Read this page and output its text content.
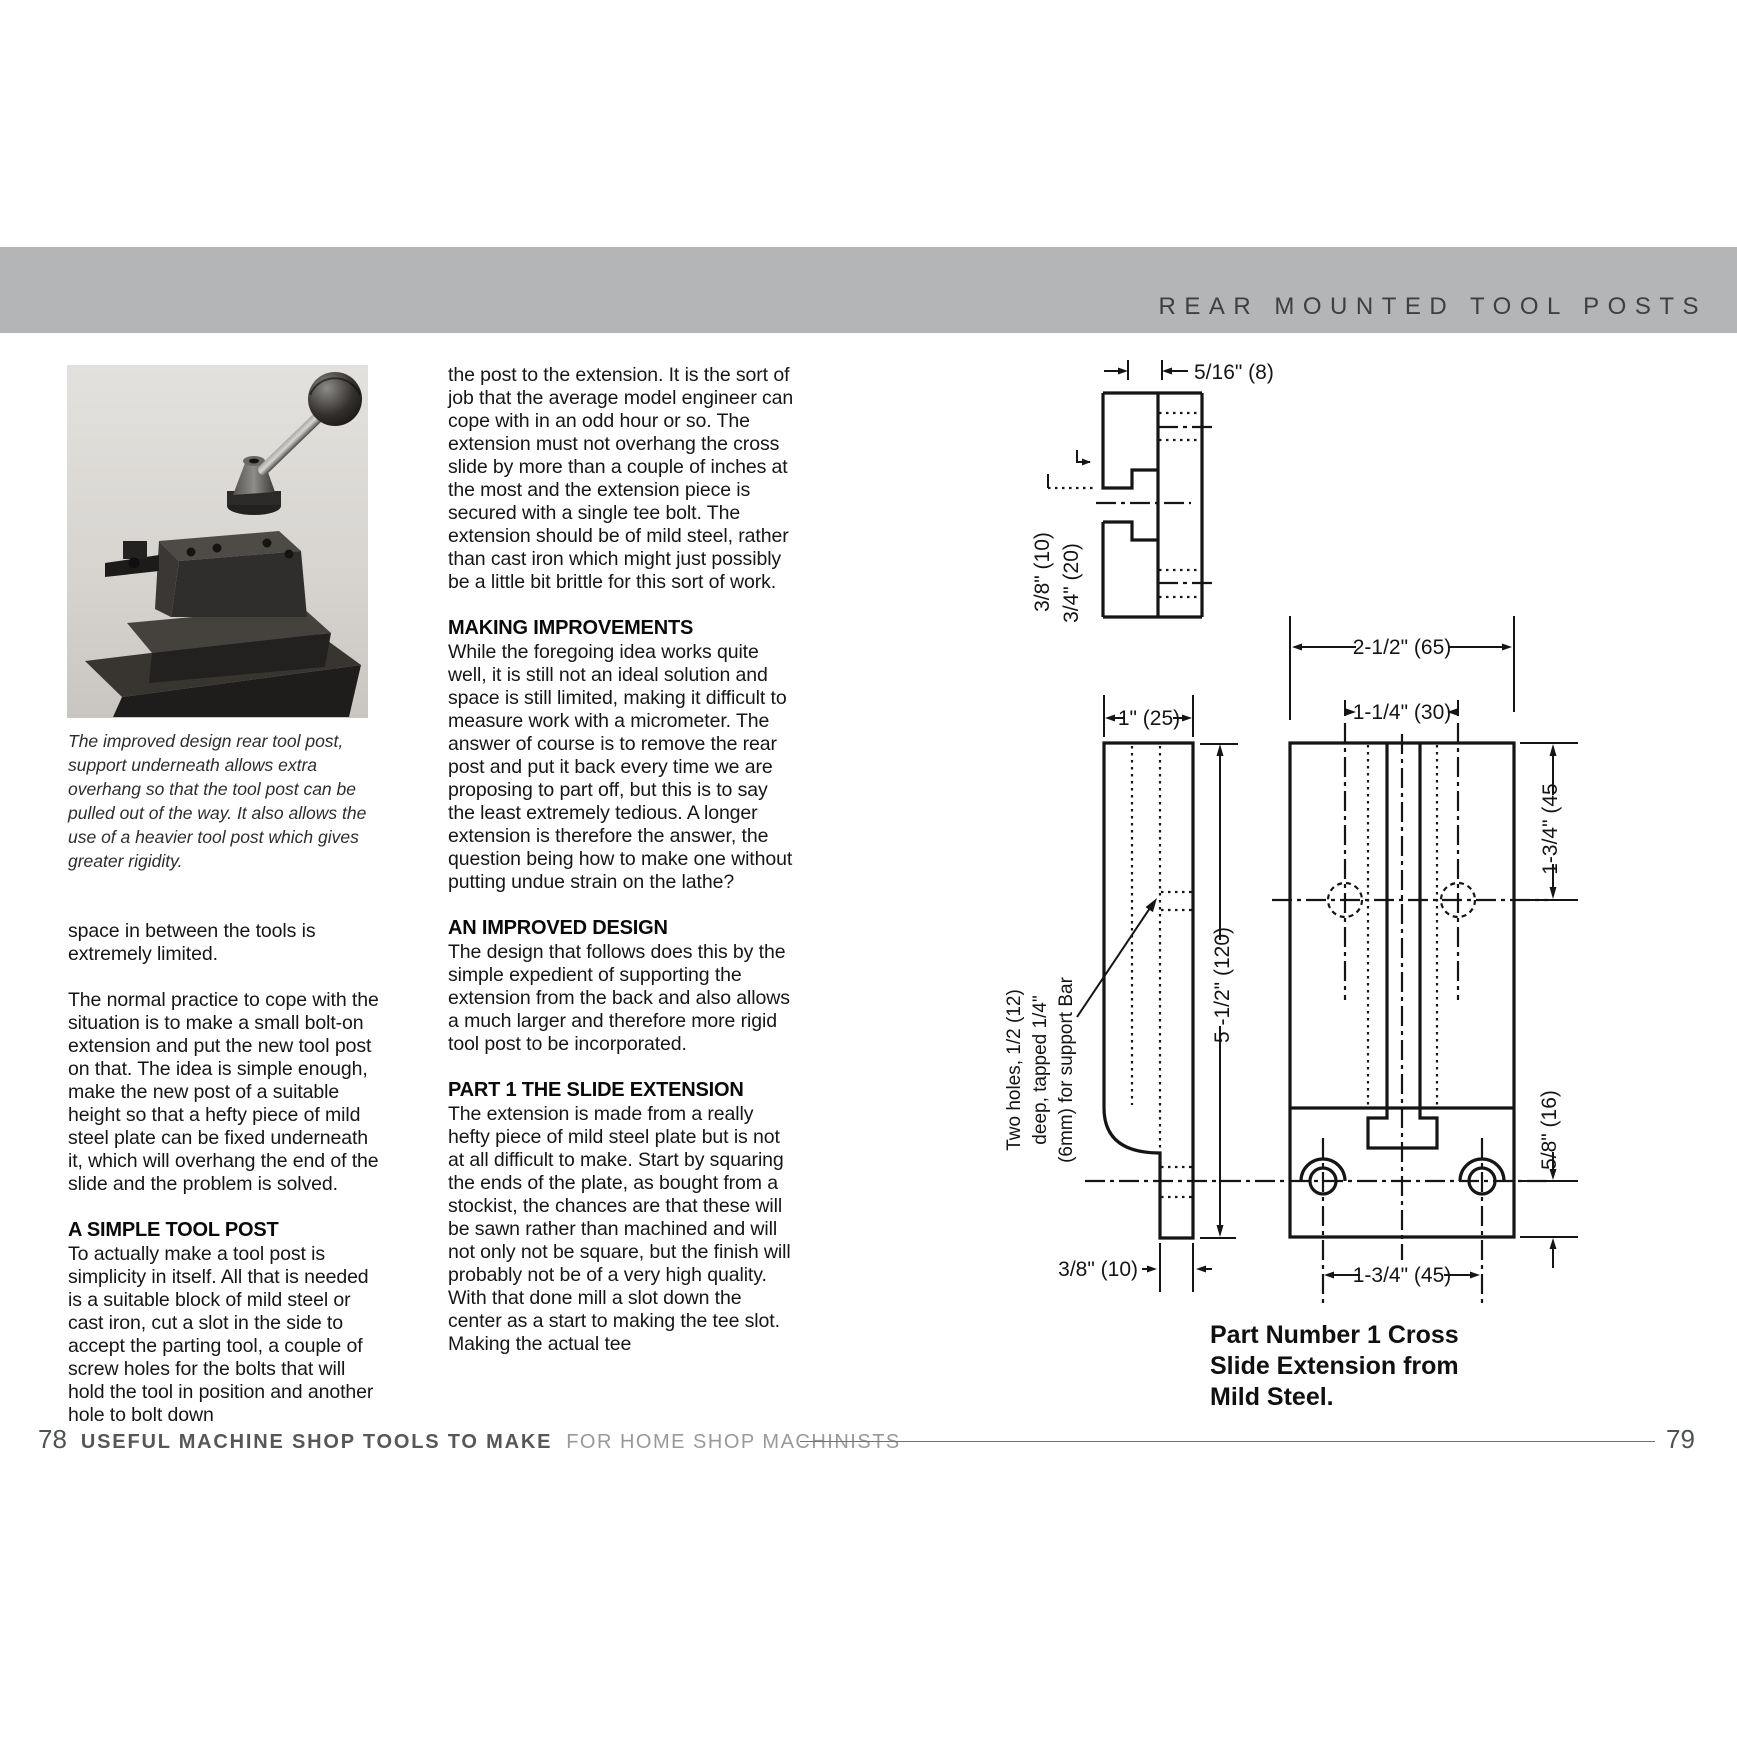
REAR MOUNTED TOOL POSTS
The improved design rear tool post, support underneath allows extra overhang so that the tool post can be pulled out of the way. It also allows the use of a heavier tool post which gives greater rigidity.

space in between the tools is extremely limited.

The normal practice to cope with the situation is to make a small bolt-on extension and put the new tool post on that. The idea is simple enough, make the new post of a suitable height so that a hefty piece of mild steel plate can be fixed underneath it, which will overhang the end of the slide and the problem is solved.

A SIMPLE TOOL POST

To actually make a tool post is simplicity in itself. All that is needed is a suitable block of mild steel or cast iron, cut a slot in the side to accept the parting tool, a couple of screw holes for the bolts that will hold the tool in position and another hole to bolt down

the post to the extension. It is the sort of job that the average model engineer can cope with in an odd hour or so. The extension must not overhang the cross slide by more than a couple of inches at the most and the extension piece is secured with a single tee bolt. The extension should be of mild steel, rather than cast iron which might just possibly be a little bit brittle for this sort of work.

MAKING IMPROVEMENTS

While the foregoing idea works quite well, it is still not an ideal solution and space is still limited, making it difficult to measure work with a micrometer. The answer of course is to remove the rear post and put it back every time we are proposing to part off, but this is to say the least extremely tedious. A longer extension is therefore the answer, the question being how to make one without putting undue strain on the lathe?

AN IMPROVED DESIGN

The design that follows does this by the simple expedient of supporting the extension from the back and also allows a much larger and therefore more rigid tool post to be incorporated.

PART 1 THE SLIDE EXTENSION

The extension is made from a really hefty piece of mild steel plate but is not at all difficult to make. Start by squaring the ends of the plate, as bought from a stockist, the chances are that these will be sawn rather than machined and will not only not be square, but the finish will probably not be of a very high quality. With that done mill a slot down the center as a start to making the tee slot. Making the actual tee

5/16" (8)
3/8" (10) 3/4" (20)
1" (25)
2-1/2" (65)
1-1/4" (30)
5 -1/2" (120)
1-3/4" (45
5/8" (16)
3/8" (10)	1-3/4" (45)
Two holes, 1/2 (12) deep, tapped 1/4" (6mm) for support Bar
Part Number 1 Cross
Slide Extension from
Mild Steel.
78 USEFUL MACHINE SHOP TOOLS TO MAKE FOR HOME SHOP MACHINISTS	79
